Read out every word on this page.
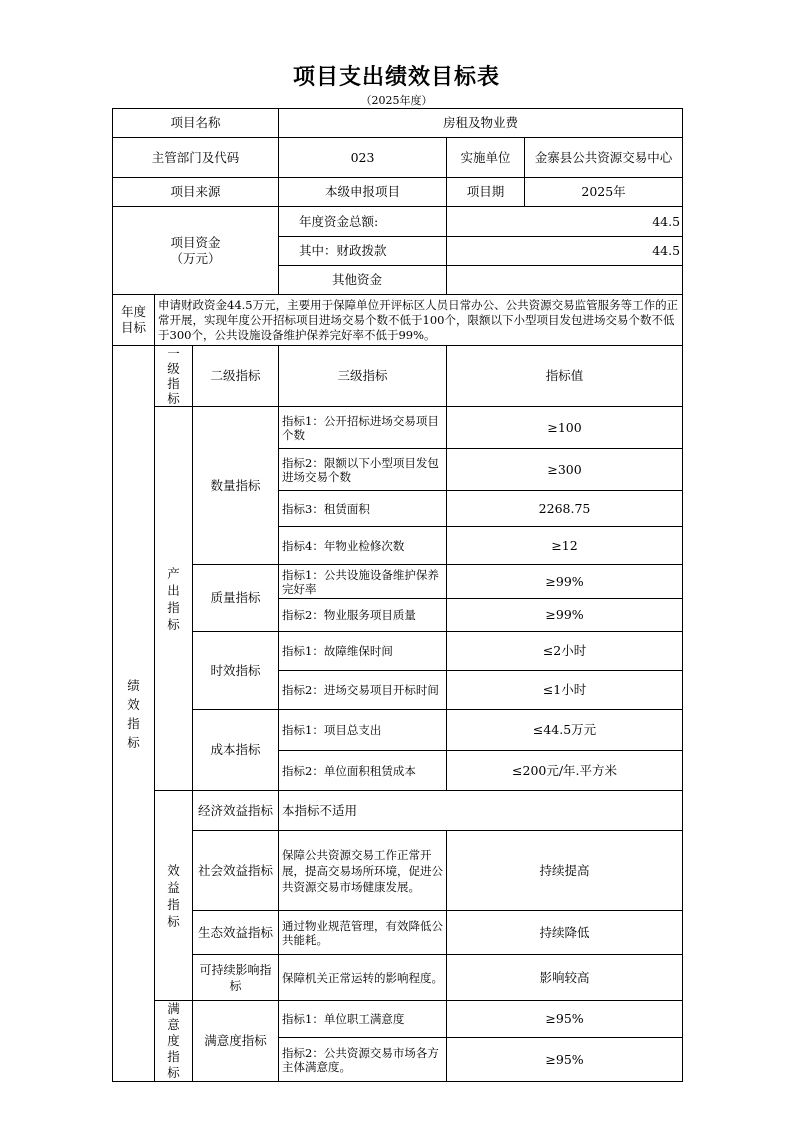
项目支出绩效目标表
（2025年度）
项目名称			房租及物业费		
主管部门及代码			023	实施单位	金寨县公共资源交易中心
项目来源			本级申报项目	项目期	2025年

项目资金
（万元）			年度资金总额:	44.5	
			其中：财政拨款	44.5	
			其他资金		

年度
目标	申请财政资金44.5万元，主要用于保障单位开评标区人员日常办公、公共资源交易监管服务等工作的正常开展，实现年度公开招标项目进场交易个数不低于100个，限额以下小型项目发包进场交易个数不低于300个，公共设施设备维护保养完好率不低于99%。				

绩效指标	一级指标	二级指标	三级指标	指标值	
	产出指标	数量指标	指标1：公开招标进场交易项目个数	≥100	
			指标2：限额以下小型项目发包进场交易个数	≥300	
			指标3：租赁面积	2268.75	
			指标4：年物业检修次数	≥12	
		质量指标	指标1：公共设施设备维护保养完好率	≥99%	
			指标2：物业服务项目质量	≥99%	
		时效指标	指标1：故障维保时间	≤2小时	
			指标2：进场交易项目开标时间	≤1小时	
		成本指标	指标1：项目总支出	≤44.5万元	
			指标2：单位面积租赁成本	≤200元/年.平方米	
	效益指标	经济效益指标	本指标不适用		
		社会效益指标	保障公共资源交易工作正常开展，提高交易场所环境，促进公共资源交易市场健康发展。	持续提高	
		生态效益指标	通过物业规范管理，有效降低公共能耗。	持续降低	
		可持续影响指标	保障机关正常运转的影响程度。	影响较高	
	满意度指标	满意度指标	指标1：单位职工满意度	≥95%	
			指标2：公共资源交易市场各方主体满意度。	≥95%	
